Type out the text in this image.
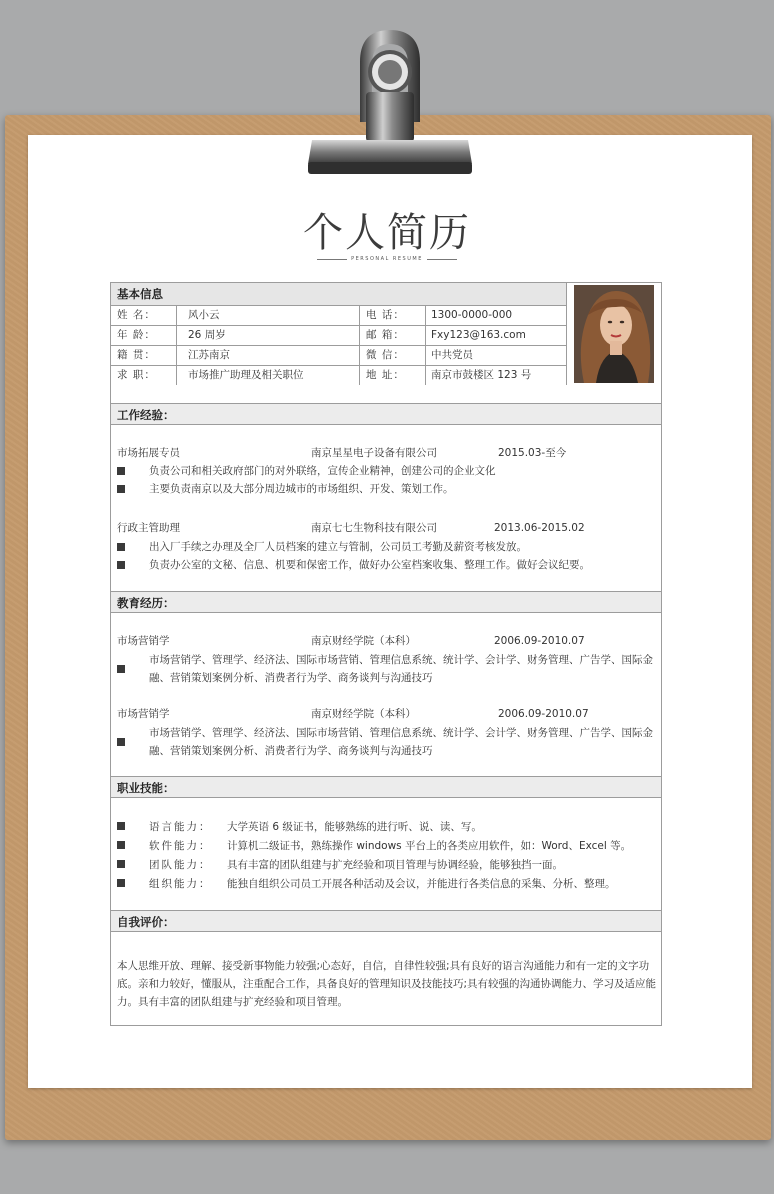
个人简历
PERSONAL RESUME
基本信息
姓 名：	风小云	电 话：	1300-0000-000
年 龄：	26 周岁	邮 箱：	Fxy123@163.com
籍 贯：	江苏南京	微 信：	中共党员
求 职：	市场推广助理及相关职位	地 址：	南京市鼓楼区 123 号
工作经验：
市场拓展专员	南京星星电子设备有限公司	2015.03-至今
负责公司和相关政府部门的对外联络，宣传企业精神，创建公司的企业文化
主要负责南京以及大部分周边城市的市场组织、开发、策划工作。
行政主管助理	南京七七生物科技有限公司	2013.06-2015.02
出入厂手续之办理及全厂人员档案的建立与管制，公司员工考勤及薪资考核发放。
负责办公室的文秘、信息、机要和保密工作，做好办公室档案收集、整理工作。做好会议纪要。
教育经历：
市场营销学	南京财经学院（本科）	2006.09-2010.07
市场营销学、管理学、经济法、国际市场营销、管理信息系统、统计学、会计学、财务管理、广告学、国际金融、营销策划案例分析、消费者行为学、商务谈判与沟通技巧
市场营销学	南京财经学院（本科）	2006.09-2010.07
市场营销学、管理学、经济法、国际市场营销、管理信息系统、统计学、会计学、财务管理、广告学、国际金融、营销策划案例分析、消费者行为学、商务谈判与沟通技巧
职业技能：
语言能力： 大学英语 6 级证书，能够熟练的进行听、说、读、写。
软件能力： 计算机二级证书，熟练操作 windows 平台上的各类应用软件，如：Word、Excel 等。
团队能力： 具有丰富的团队组建与扩充经验和项目管理与协调经验，能够独挡一面。
组织能力： 能独自组织公司员工开展各种活动及会议，并能进行各类信息的采集、分析、整理。
自我评价：
本人思维开放、理解、接受新事物能力较强;心态好，自信，自律性较强;具有良好的语言沟通能力和有一定的文字功底。亲和力较好，懂服从，注重配合工作，具备良好的管理知识及技能技巧;具有较强的沟通协调能力、学习及适应能力。具有丰富的团队组建与扩充经验和项目管理。
